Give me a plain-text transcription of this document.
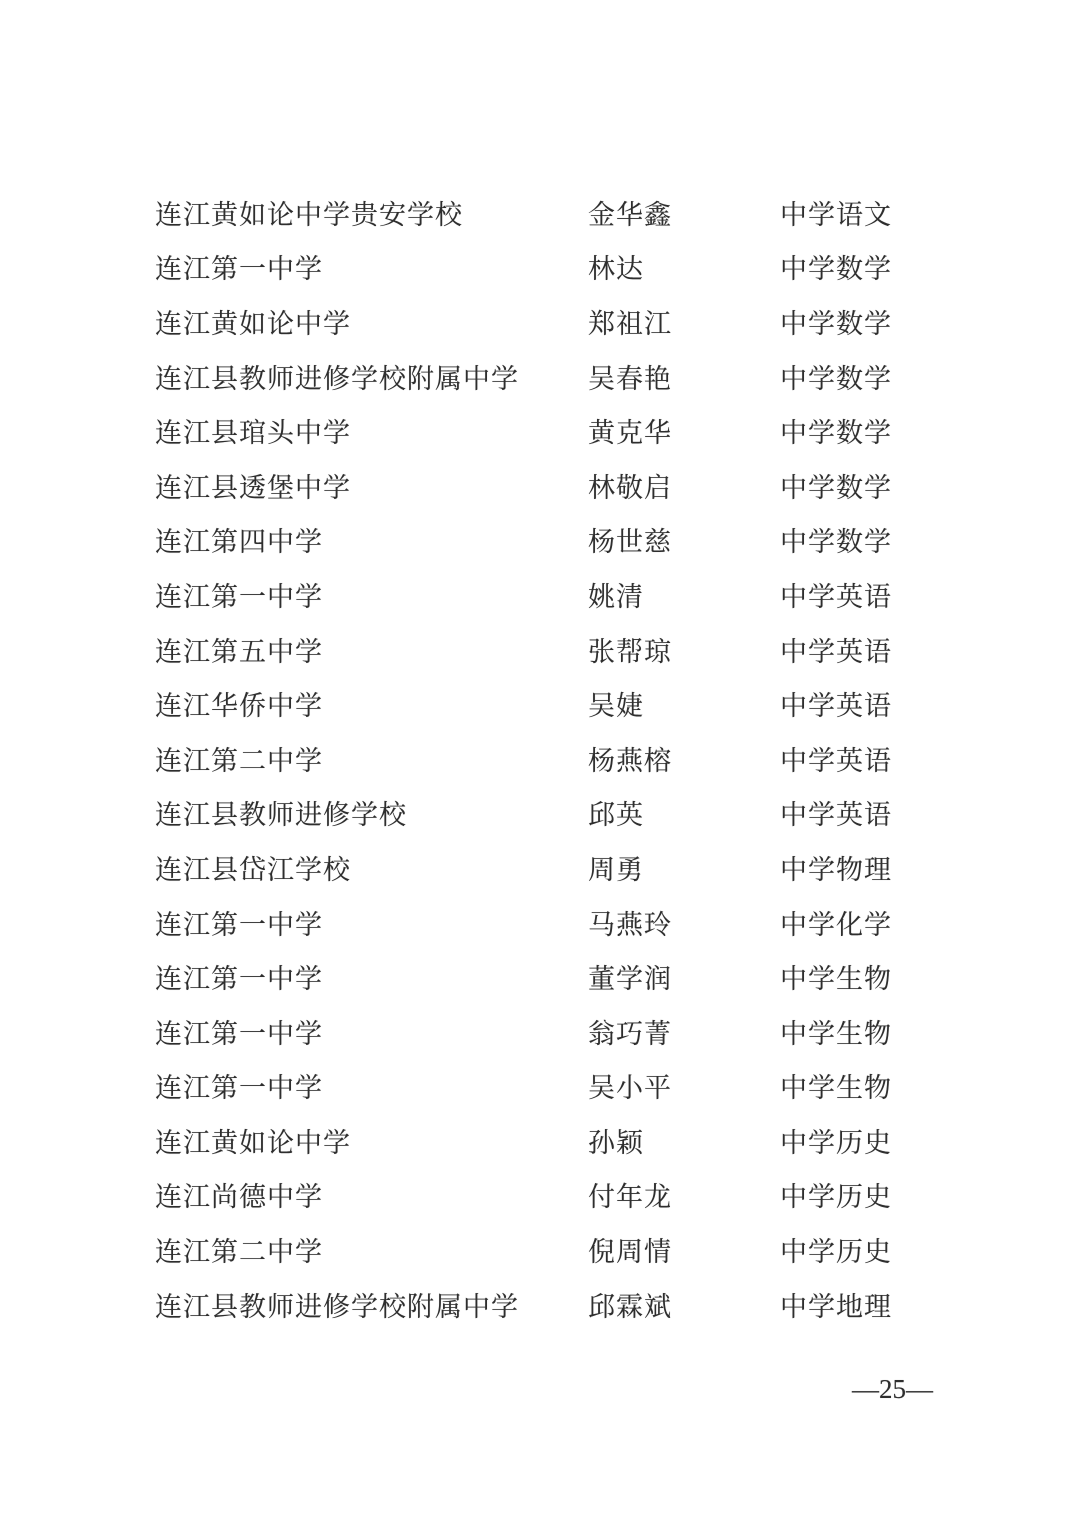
连江黄如论中学贵安学校	金华鑫	中学语文
连江第一中学	林达	中学数学
连江黄如论中学	郑祖江	中学数学
连江县教师进修学校附属中学	吴春艳	中学数学
连江县琯头中学	黄克华	中学数学
连江县透堡中学	林敬启	中学数学
连江第四中学	杨世慈	中学数学
连江第一中学	姚清	中学英语
连江第五中学	张帮琼	中学英语
连江华侨中学	吴婕	中学英语
连江第二中学	杨燕榕	中学英语
连江县教师进修学校	邱英	中学英语
连江县岱江学校	周勇	中学物理
连江第一中学	马燕玲	中学化学
连江第一中学	董学润	中学生物
连江第一中学	翁巧菁	中学生物
连江第一中学	吴小平	中学生物
连江黄如论中学	孙颖	中学历史
连江尚德中学	付年龙	中学历史
连江第二中学	倪周情	中学历史
连江县教师进修学校附属中学	邱霖斌	中学地理
—25—
